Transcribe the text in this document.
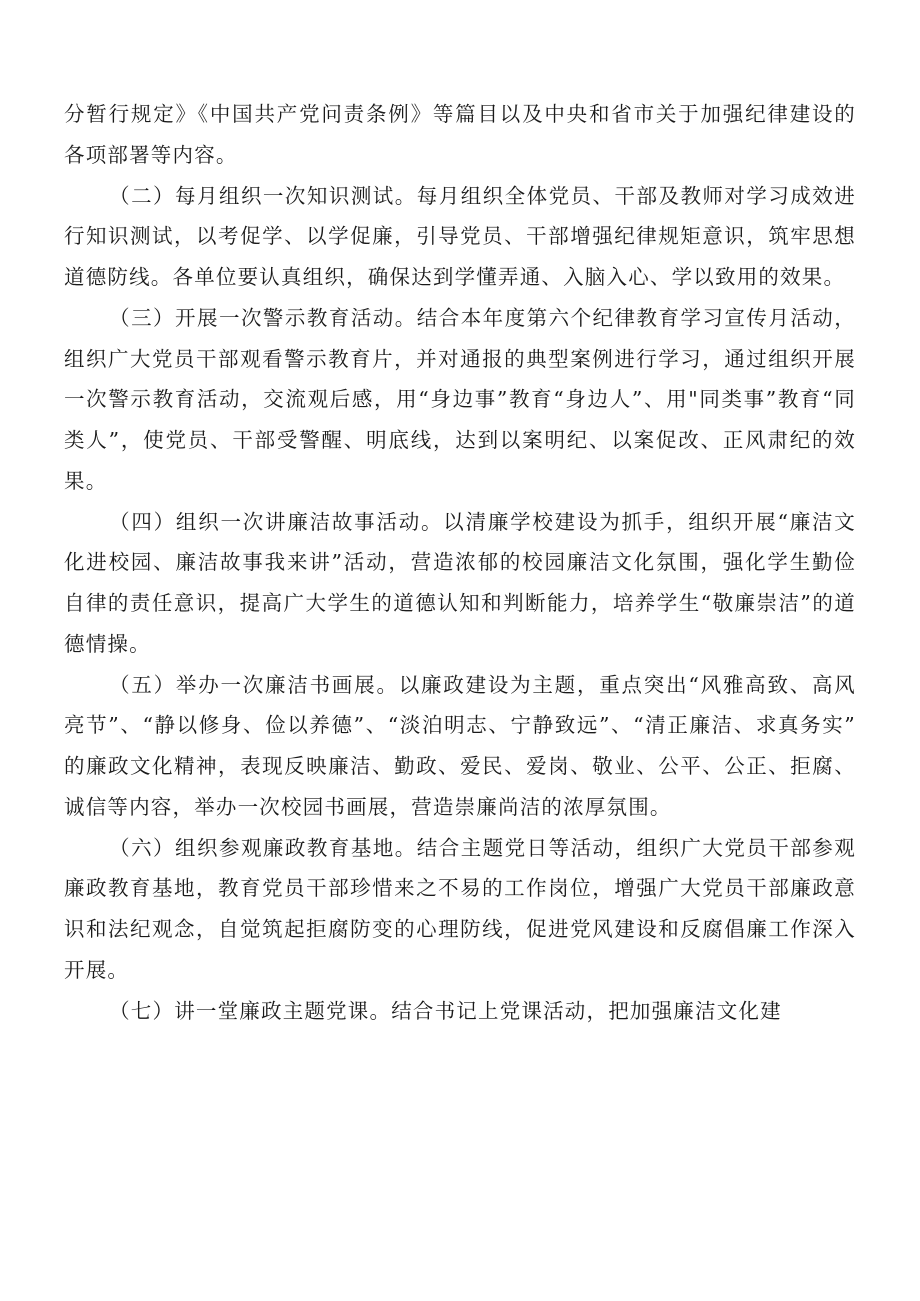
分暂行规定》《中国共产党问责条例》等篇目以及中央和省市关于加强纪律建设的各项部署等内容。

（二）每月组织一次知识测试。每月组织全体党员、干部及教师对学习成效进行知识测试，以考促学、以学促廉，引导党员、干部增强纪律规矩意识，筑牢思想道德防线。各单位要认真组织，确保达到学懂弄通、入脑入心、学以致用的效果。

（三）开展一次警示教育活动。结合本年度第六个纪律教育学习宣传月活动，组织广大党员干部观看警示教育片，并对通报的典型案例进行学习，通过组织开展一次警示教育活动，交流观后感，用“身边事”教育“身边人”、用"同类事”教育“同类人”，使党员、干部受警醒、明底线，达到以案明纪、以案促改、正风肃纪的效果。

（四）组织一次讲廉洁故事活动。以清廉学校建设为抓手，组织开展“廉洁文化进校园、廉洁故事我来讲”活动，营造浓郁的校园廉洁文化氛围，强化学生勤俭自律的责任意识，提高广大学生的道德认知和判断能力，培养学生“敬廉崇洁”的道德情操。

（五）举办一次廉洁书画展。以廉政建设为主题，重点突出“风雅高致、高风亮节”、“静以修身、俭以养德”、“淡泊明志、宁静致远”、“清正廉洁、求真务实”的廉政文化精神，表现反映廉洁、勤政、爱民、爱岗、敬业、公平、公正、拒腐、诚信等内容，举办一次校园书画展，营造崇廉尚洁的浓厚氛围。

（六）组织参观廉政教育基地。结合主题党日等活动，组织广大党员干部参观廉政教育基地，教育党员干部珍惜来之不易的工作岗位，增强广大党员干部廉政意识和法纪观念，自觉筑起拒腐防变的心理防线，促进党风建设和反腐倡廉工作深入开展。

（七）讲一堂廉政主题党课。结合书记上党课活动，把加强廉洁文化建
